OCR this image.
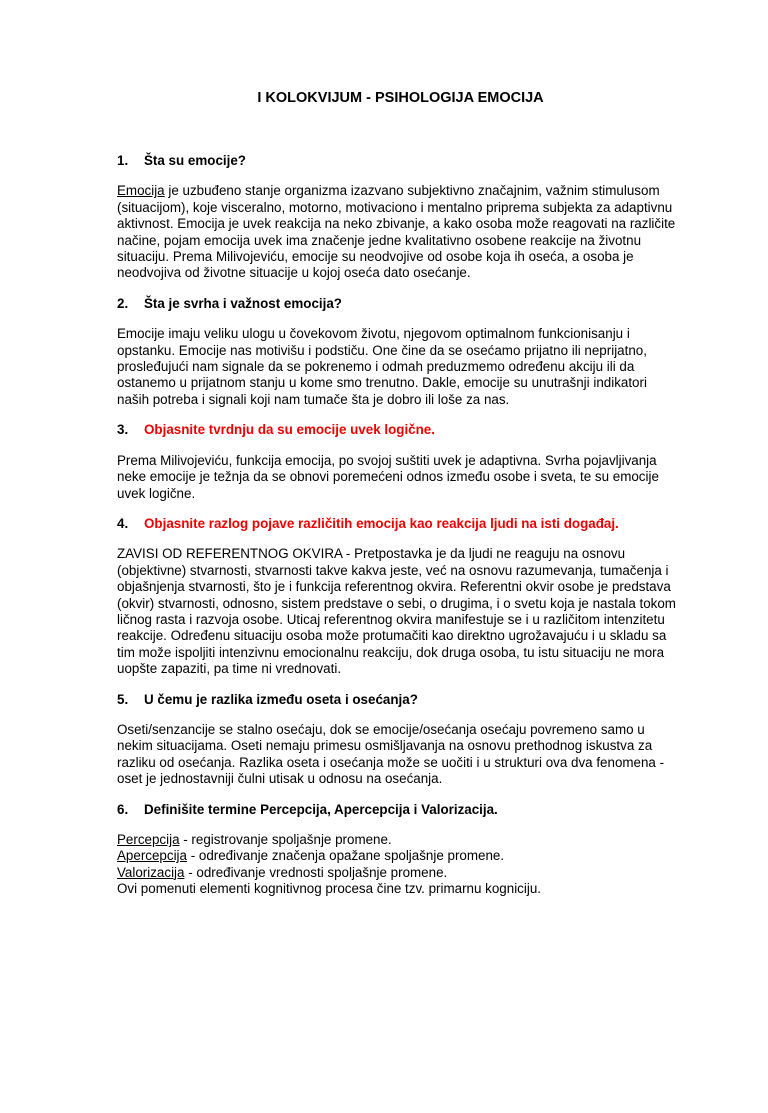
I KOLOKVIJUM - PSIHOLOGIJA EMOCIJA
1.	Šta su emocije?

Emocija je uzbuđeno stanje organizma izazvano subjektivno značajnim, važnim stimulusom (situacijom), koje visceralno, motorno, motivaciono i mentalno priprema subjekta za adaptivnu aktivnost. Emocija je uvek reakcija na neko zbivanje, a kako osoba može reagovati na različite načine, pojam emocija uvek ima značenje jedne kvalitativno osobene reakcije na životnu situaciju. Prema Milivojeviću, emocije su neodvojive od osobe koja ih oseća, a osoba je neodvojiva od životne situacije u kojoj oseća dato osećanje.

2.	Šta je svrha i važnost emocija?

Emocije imaju veliku ulogu u čovekovom životu, njegovom optimalnom funkcionisanju i opstanku. Emocije nas motivišu i podstiču. One čine da se osećamo prijatno ili neprijatno, prosleđujući nam signale da se pokrenemo i odmah preduzmemo određenu akciju ili da ostanemo u prijatnom stanju u kome smo trenutno. Dakle, emocije su unutrašnji indikatori naših potreba i signali koji nam tumače šta je dobro ili loše za nas.

3.	Objasnite tvrdnju da su emocije uvek logične.

Prema Milivojeviću, funkcija emocija, po svojoj suštiti uvek je adaptivna. Svrha pojavljivanja neke emocije je težnja da se obnovi poremećeni odnos između osobe i sveta, te su emocije uvek logične.

4.	Objasnite razlog pojave različitih emocija kao reakcija ljudi na isti događaj.

ZAVISI OD REFERENTNOG OKVIRA - Pretpostavka je da ljudi ne reaguju na osnovu (objektivne) stvarnosti, stvarnosti takve kakva jeste, već na osnovu razumevanja, tumačenja i objašnjenja stvarnosti, što je i funkcija referentnog okvira. Referentni okvir osobe je predstava (okvir) stvarnosti, odnosno, sistem predstave o sebi, o drugima, i o svetu koja je nastala tokom ličnog rasta i razvoja osobe. Uticaj referentnog okvira manifestuje se i u različitom intenzitetu reakcije. Određenu situaciju osoba može protumačiti kao direktno ugrožavajuću i u skladu sa tim može ispoljiti intenzivnu emocionalnu reakciju, dok druga osoba, tu istu situaciju ne mora uopšte zapaziti, pa time ni vrednovati.

5.	U čemu je razlika između oseta i osećanja?

Oseti/senzancije se stalno osećaju, dok se emocije/osećanja osećaju povremeno samo u nekim situacijama. Oseti nemaju primesu osmišljavanja na osnovu prethodnog iskustva za razliku od osećanja. Razlika oseta i osećanja može se uočiti i u strukturi ova dva fenomena - oset je jednostavniji čulni utisak u odnosu na osećanja.

6.	Definišite termine Percepcija, Apercepcija i Valorizacija.
Percepcija - registrovanje spoljašnje promene.
Apercepcija - određivanje značenja opažane spoljašnje promene.
Valorizacija - određivanje vrednosti spoljašnje promene.
Ovi pomenuti elementi kognitivnog procesa čine tzv. primarnu kogniciju.
